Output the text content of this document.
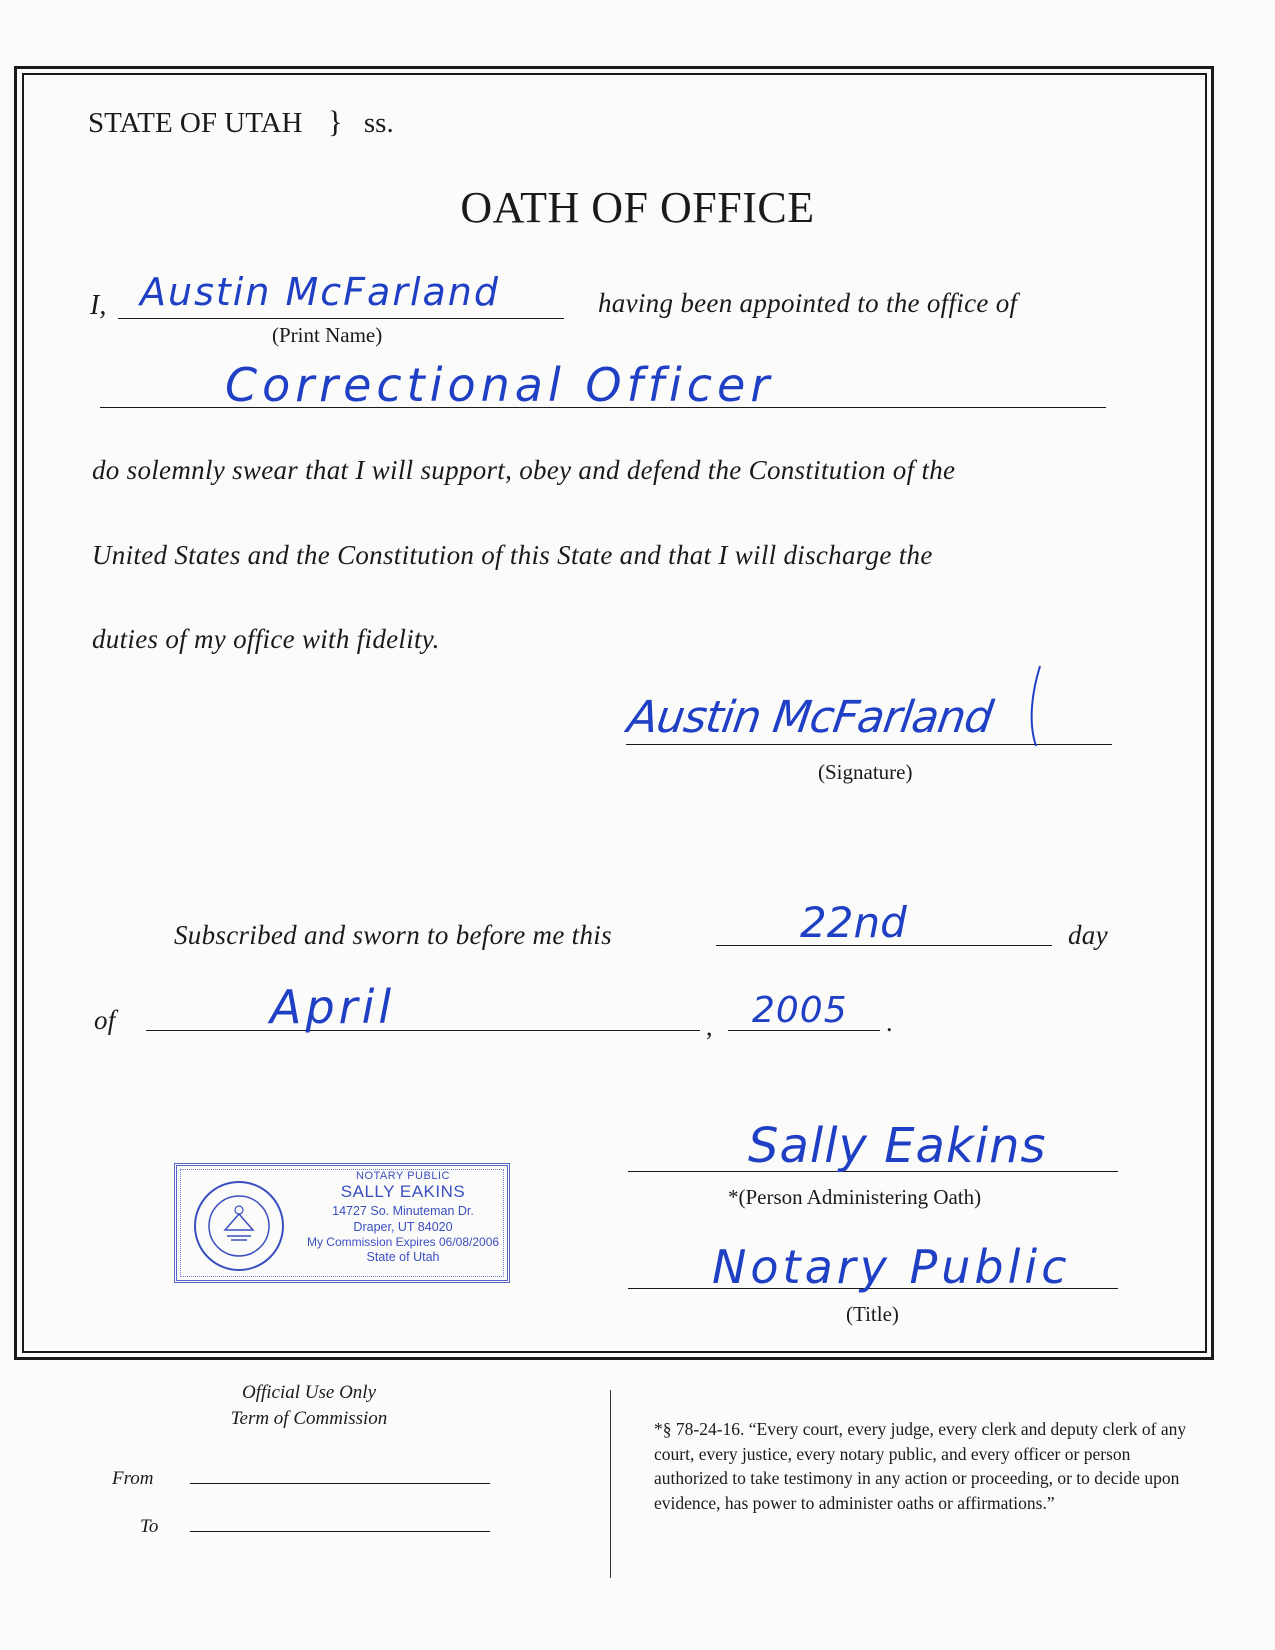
STATE OF UTAH } ss.
OATH OF OFFICE
I, Austin McFarland
(Print Name)
having been appointed to the office of
Correctional Officer
do solemnly swear that I will support, obey and defend the Constitution of the
United States and the Constitution of this State and that I will discharge the
duties of my office with fidelity.
Austin McFarland
(Signature)
Subscribed and sworn to before me this	22nd	day
of	April	, 2005 .
Sally Eakins
*(Person Administering Oath)
Notary Public
(Title)
NOTARY PUBLIC
SALLY EAKINS
14727 So. Minuteman Dr.
Draper, UT 84020
My Commission Expires 06/08/2006
State of Utah
Official Use Only
Term of Commission
From
To
*§ 78-24-16. “Every court, every judge, every clerk and deputy clerk of any court, every justice, every notary public, and every officer or person authorized to take testimony in any action or proceeding, or to decide upon evidence, has power to administer oaths or affirmations.”
